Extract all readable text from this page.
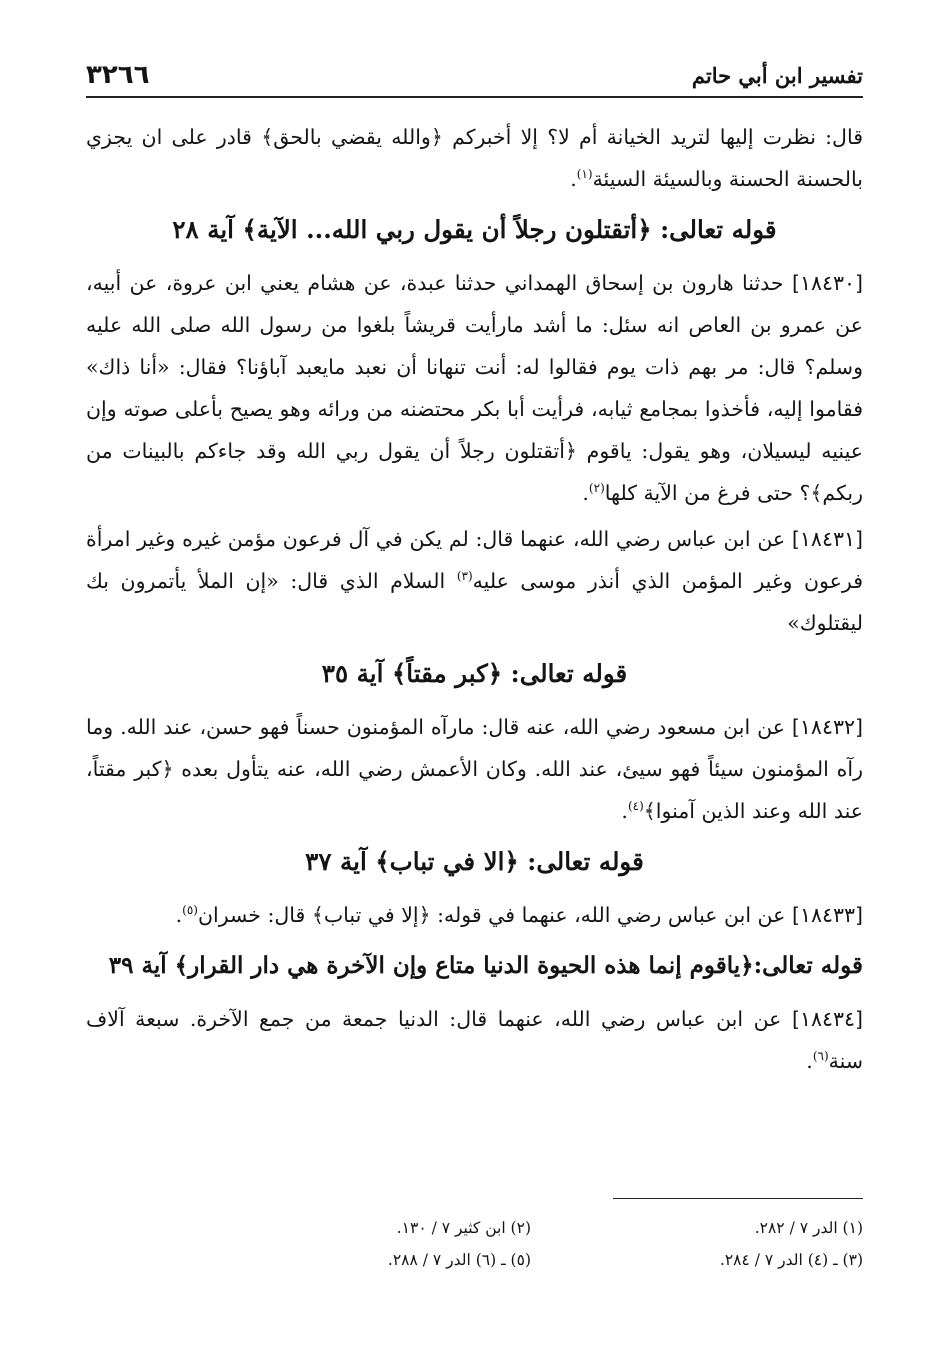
تفسير ابن أبي حاتم
٣٢٦٦

قال: نظرت إليها لتريد الخيانة أم لا؟ إلا أخبركم ﴿والله يقضي بالحق﴾ قادر على ان يجزي بالحسنة الحسنة وبالسيئة السيئة$^{(١)}$.

قوله تعالى: ﴿أتقتلون رجلاً أن يقول ربي الله... الآية﴾ آية ٢٨

[١٨٤٣٠] حدثنا هارون بن إسحاق الهمداني حدثنا عبدة، عن هشام يعني ابن عروة، عن أبيه، عن عمرو بن العاص انه سئل: ما أشد مارأيت قريشاً بلغوا من رسول الله صلى الله عليه وسلم؟ قال: مر بهم ذات يوم فقالوا له: أنت تنهانا أن نعبد مايعبد آباؤنا؟ فقال: «أنا ذاك» فقاموا إليه، فأخذوا بمجامع ثيابه، فرأيت أبا بكر محتضنه من ورائه وهو يصيح بأعلى صوته وإن عينيه ليسيلان، وهو يقول: ياقوم ﴿أتقتلون رجلاً أن يقول ربي الله وقد جاءكم بالبينات من ربكم﴾؟ حتى فرغ من الآية كلها$^{(٢)}$.

[١٨٤٣١] عن ابن عباس رضي الله، عنهما قال: لم يكن في آل فرعون مؤمن غيره وغير امرأة فرعون وغير المؤمن الذي أنذر موسى عليه$^{(٣)}$ السلام الذي قال: «إن الملأ يأتمرون بك ليقتلوك»

قوله تعالى: ﴿كبر مقتاً﴾ آية ٣٥

[١٨٤٣٢] عن ابن مسعود رضي الله، عنه قال: مارآه المؤمنون حسناً فهو حسن، عند الله. وما رآه المؤمنون سيئاً فهو سيئ، عند الله. وكان الأعمش رضي الله، عنه يتأول بعده ﴿كبر مقتاً، عند الله وعند الذين آمنوا﴾$^{(٤)}$.

قوله تعالى: ﴿الا في تباب﴾ آية ٣٧

[١٨٤٣٣] عن ابن عباس رضي الله، عنهما في قوله: ﴿إلا في تباب﴾ قال: خسران$^{(٥)}$.

قوله تعالى:﴿ياقوم إنما هذه الحيوة الدنيا متاع وإن الآخرة هي دار القرار﴾ آية ٣٩

[١٨٤٣٤] عن ابن عباس رضي الله، عنهما قال: الدنيا جمعة من جمع الآخرة. سبعة آلاف سنة$^{(٦)}$.

(١) الدر ٧ / ٢٨٢.
(٢) ابن كثير ٧ / ١٣٠.
(٣) ـ (٤) الدر ٧ / ٢٨٤.
(٥) ـ (٦) الدر ٧ / ٢٨٨.
